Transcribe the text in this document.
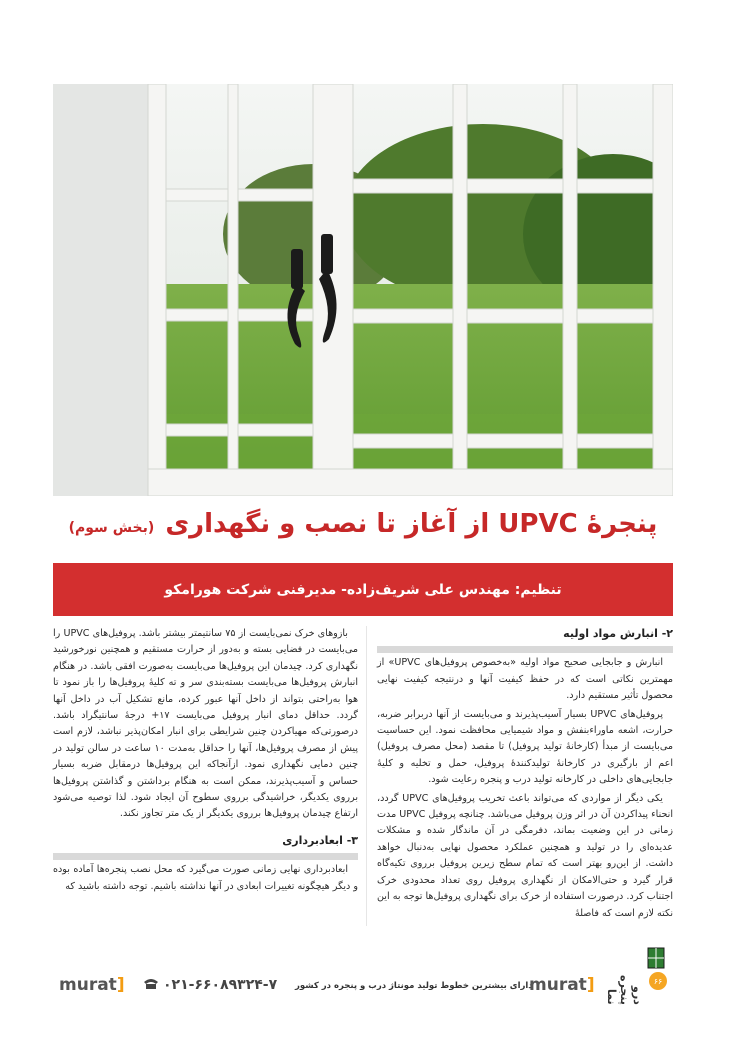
پنجرۀ UPVC از آغاز تا نصب و نگهداری (بخش سوم)
تنظیم: مهندس علی شریف‌زاده- مدیرفنی شرکت هورامکو

۲- انبارش مواد اولیه

انبارش و جابجایی صحیح مواد اولیه «به‌خصوص پروفیل‌های UPVC» از مهمترین نکاتی است که در حفظ کیفیت آنها و درنتیجه کیفیت نهایی محصول تأثیر مستقیم دارد.

پروفیل‌های UPVC بسیار آسیب‌پذیرند و می‌بایست از آنها دربرابر ضربه، حرارت، اشعه ماوراءبنفش و مواد شیمیایی محافظت نمود. این حساسیت می‌بایست از مبدأ (کارخانۀ تولید پروفیل) تا مقصد (محل مصرف پروفیل) اعم از بارگیری در کارخانۀ تولیدکنندۀ پروفیل، حمل و تخلیه و کلیۀ جابجایی‌های داخلی در کارخانه تولید درب و پنجره رعایت شود.

یکی دیگر از مواردی که می‌تواند باعث تخریب پروفیل‌های UPVC گردد، انحناء پیداکردن آن در اثر وزن پروفیل می‌باشد. چنانچه پروفیل UPVC مدت زمانی در این وضعیت بماند، دفرمگی در آن ماندگار شده و مشکلات عدیده‌ای را در تولید و همچنین عملکرد محصول نهایی به‌دنبال خواهد داشت. از این‌رو بهتر است که تمام سطح زیرین پروفیل برروی تکیه‌گاه قرار گیرد و حتی‌الامکان از نگهداری پروفیل روی تعداد محدودی خرک اجتناب کرد. درصورت استفاده از خرک برای نگهداری پروفیل‌ها توجه به این نکته لازم است که فاصلۀ

بازوهای خرک نمی‌بایست از ۷۵ سانتیمتر بیشتر باشد. پروفیل‌های UPVC را می‌بایست در فضایی بسته و به‌دور از حرارت مستقیم و همچنین نورخورشید نگهداری کرد. چیدمان این پروفیل‌ها می‌بایست به‌صورت افقی باشد. در هنگام انبارش پروفیل‌ها می‌بایست بسته‌بندی سر و ته کلیۀ پروفیل‌ها را باز نمود تا هوا به‌راحتی بتواند از داخل آنها عبور کرده، مانع تشکیل آب در داخل آنها گردد. حداقل دمای انبار پروفیل می‌بایست ۱۷+ درجۀ سانتیگراد باشد. درصورتی‌که مهیاکردن چنین شرایطی برای انبار امکان‌پذیر نباشد، لازم است پیش از مصرف پروفیل‌ها، آنها را حداقل به‌مدت ۱۰ ساعت در سالن تولید در چنین دمایی نگهداری نمود. ازآنجاکه این پروفیل‌ها درمقابل ضربه بسیار حساس و آسیب‌پذیرند، ممکن است به هنگام برداشتن و گذاشتن پروفیل‌ها برروی یکدیگر، خراشیدگی برروی سطوح آن ایجاد شود. لذا توصیه می‌شود ارتفاع چیدمان پروفیل‌ها برروی یکدیگر از یک متر تجاوز نکند.

۳- ابعادبرداری

ابعادبرداری نهایی زمانی صورت می‌گیرد که محل نصب پنجره‌ها آماده بوده و دیگر هیچگونه تغییرات ابعادی در آنها نداشته باشیم. توجه داشته باشید که

murat]	۰۲۱-۶۶۰۸۹۳۲۴-۷ دارای بیشترین خطوط تولید مونتاژ درب و پنجره در کشور
murat]
درو پنجره نما
۶۶
